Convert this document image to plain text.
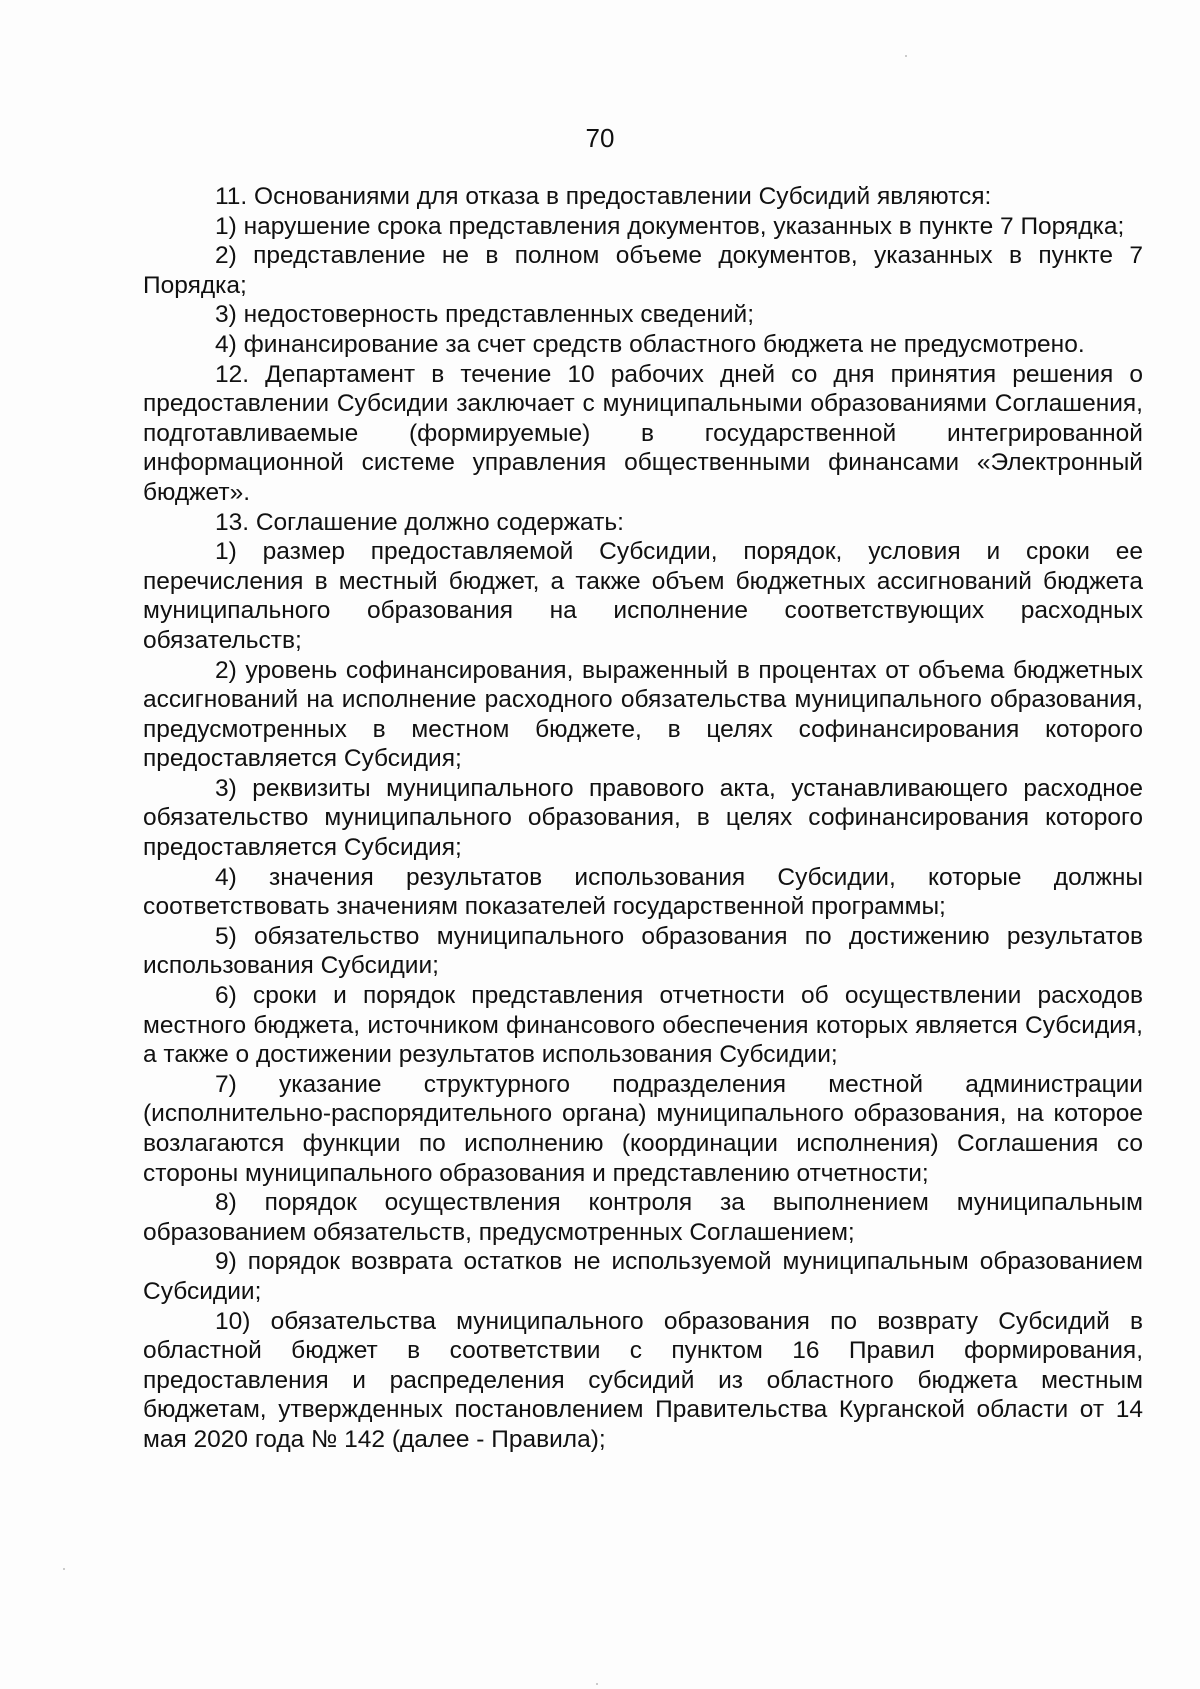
70

11. Основаниями для отказа в предоставлении Субсидий являются:

1) нарушение срока представления документов, указанных в пункте 7 Порядка;

2) представление не в полном объеме документов, указанных в пункте 7 Порядка;

3) недостоверность представленных сведений;

4) финансирование за счет средств областного бюджета не предусмотрено.

12. Департамент в течение 10 рабочих дней со дня принятия решения о предоставлении Субсидии заключает с муниципальными образованиями Соглашения, подготавливаемые (формируемые) в государственной интегрированной информационной системе управления общественными финансами «Электронный бюджет».

13. Соглашение должно содержать:

1) размер предоставляемой Субсидии, порядок, условия и сроки ее перечисления в местный бюджет, а также объем бюджетных ассигнований бюджета муниципального образования на исполнение соответствующих расходных обязательств;

2) уровень софинансирования, выраженный в процентах от объема бюджетных ассигнований на исполнение расходного обязательства муниципального образования, предусмотренных в местном бюджете, в целях софинансирования которого предоставляется Субсидия;

3) реквизиты муниципального правового акта, устанавливающего расходное обязательство муниципального образования, в целях софинансирования которого предоставляется Субсидия;

4) значения результатов использования Субсидии, которые должны соответствовать значениям показателей государственной программы;

5) обязательство муниципального образования по достижению результатов использования Субсидии;

6) сроки и порядок представления отчетности об осуществлении расходов местного бюджета, источником финансового обеспечения которых является Субсидия, а также о достижении результатов использования Субсидии;

7) указание структурного подразделения местной администрации (исполнительно-распорядительного органа) муниципального образования, на которое возлагаются функции по исполнению (координации исполнения) Соглашения со стороны муниципального образования и представлению отчетности;

8) порядок осуществления контроля за выполнением муниципальным образованием обязательств, предусмотренных Соглашением;

9) порядок возврата остатков не используемой муниципальным образованием Субсидии;

10) обязательства муниципального образования по возврату Субсидий в областной бюджет в соответствии с пунктом 16 Правил формирования, предоставления и распределения субсидий из областного бюджета местным бюджетам, утвержденных постановлением Правительства Курганской области от 14 мая 2020 года № 142 (далее - Правила);
